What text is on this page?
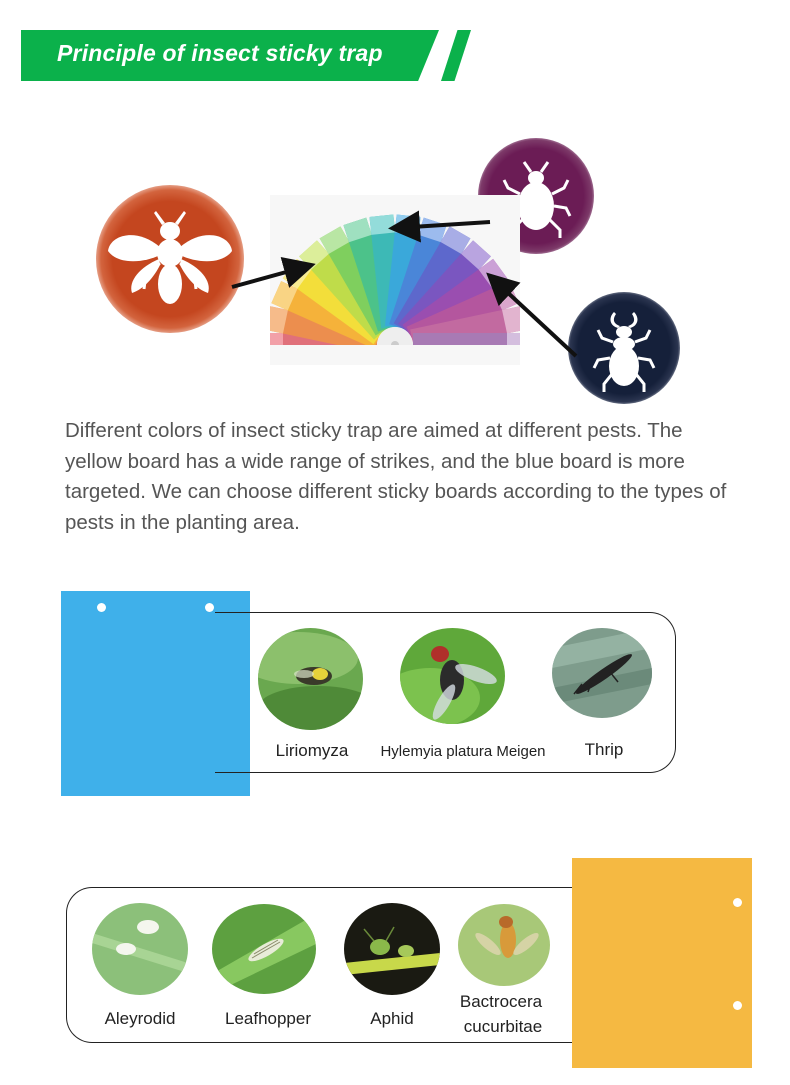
Principle of insect sticky trap
Different colors of insect sticky trap are aimed at different pests. The yellow board has a wide range of strikes, and the blue board is more targeted. We can choose different sticky boards according to the types of pests in the planting area.
Liriomyza	Hylemyia platura Meigen	Thrip
Aleyrodid	Leafhopper	Aphid
Bactrocera
cucurbitae
